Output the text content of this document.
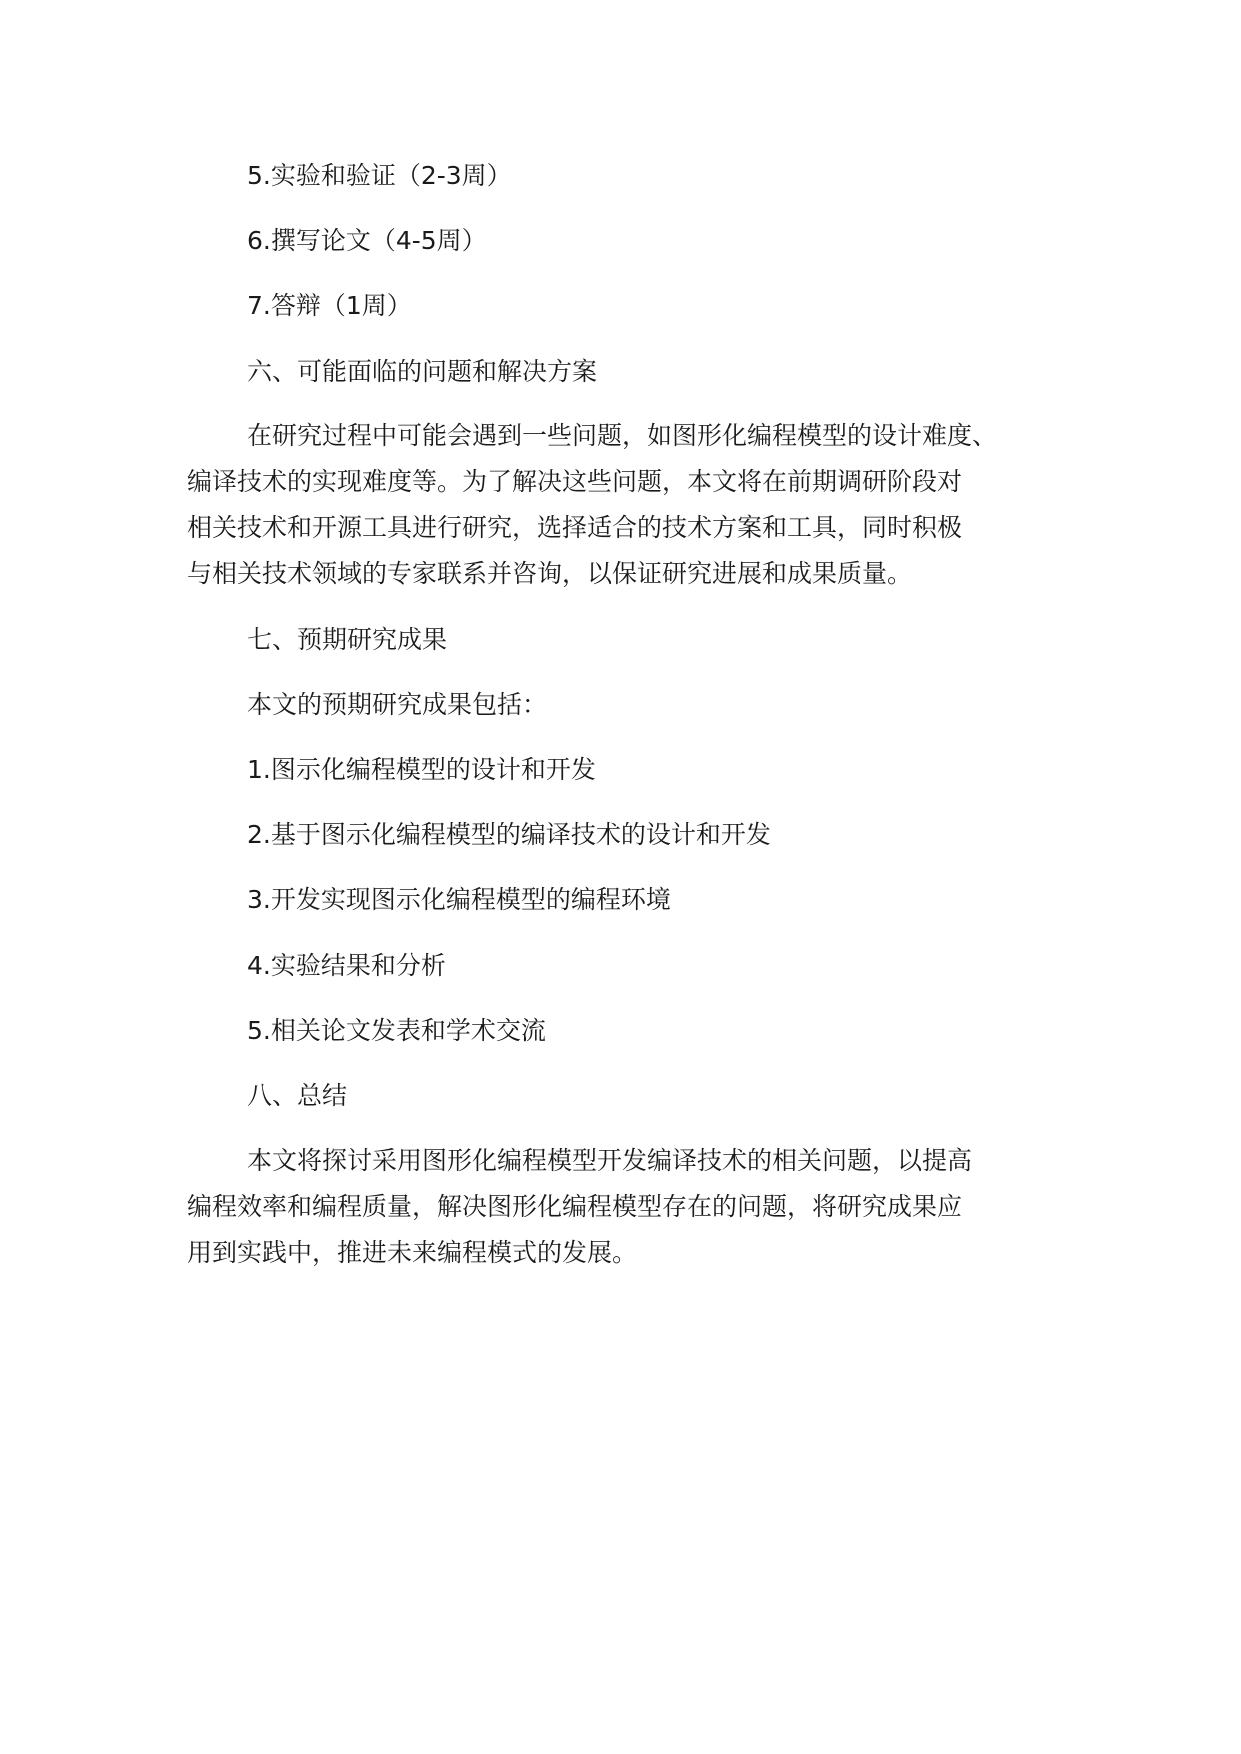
5.实验和验证（2-3周）

6.撰写论文（4-5周）

7.答辩（1周）

六、可能面临的问题和解决方案

在研究过程中可能会遇到一些问题，如图形化编程模型的设计难度、

编译技术的实现难度等。为了解决这些问题，本文将在前期调研阶段对

相关技术和开源工具进行研究，选择适合的技术方案和工具，同时积极

与相关技术领域的专家联系并咨询，以保证研究进展和成果质量。

七、预期研究成果

本文的预期研究成果包括：

1.图示化编程模型的设计和开发

2.基于图示化编程模型的编译技术的设计和开发

3.开发实现图示化编程模型的编程环境

4.实验结果和分析

5.相关论文发表和学术交流

八、总结

本文将探讨采用图形化编程模型开发编译技术的相关问题，以提高

编程效率和编程质量，解决图形化编程模型存在的问题，将研究成果应

用到实践中，推进未来编程模式的发展。
